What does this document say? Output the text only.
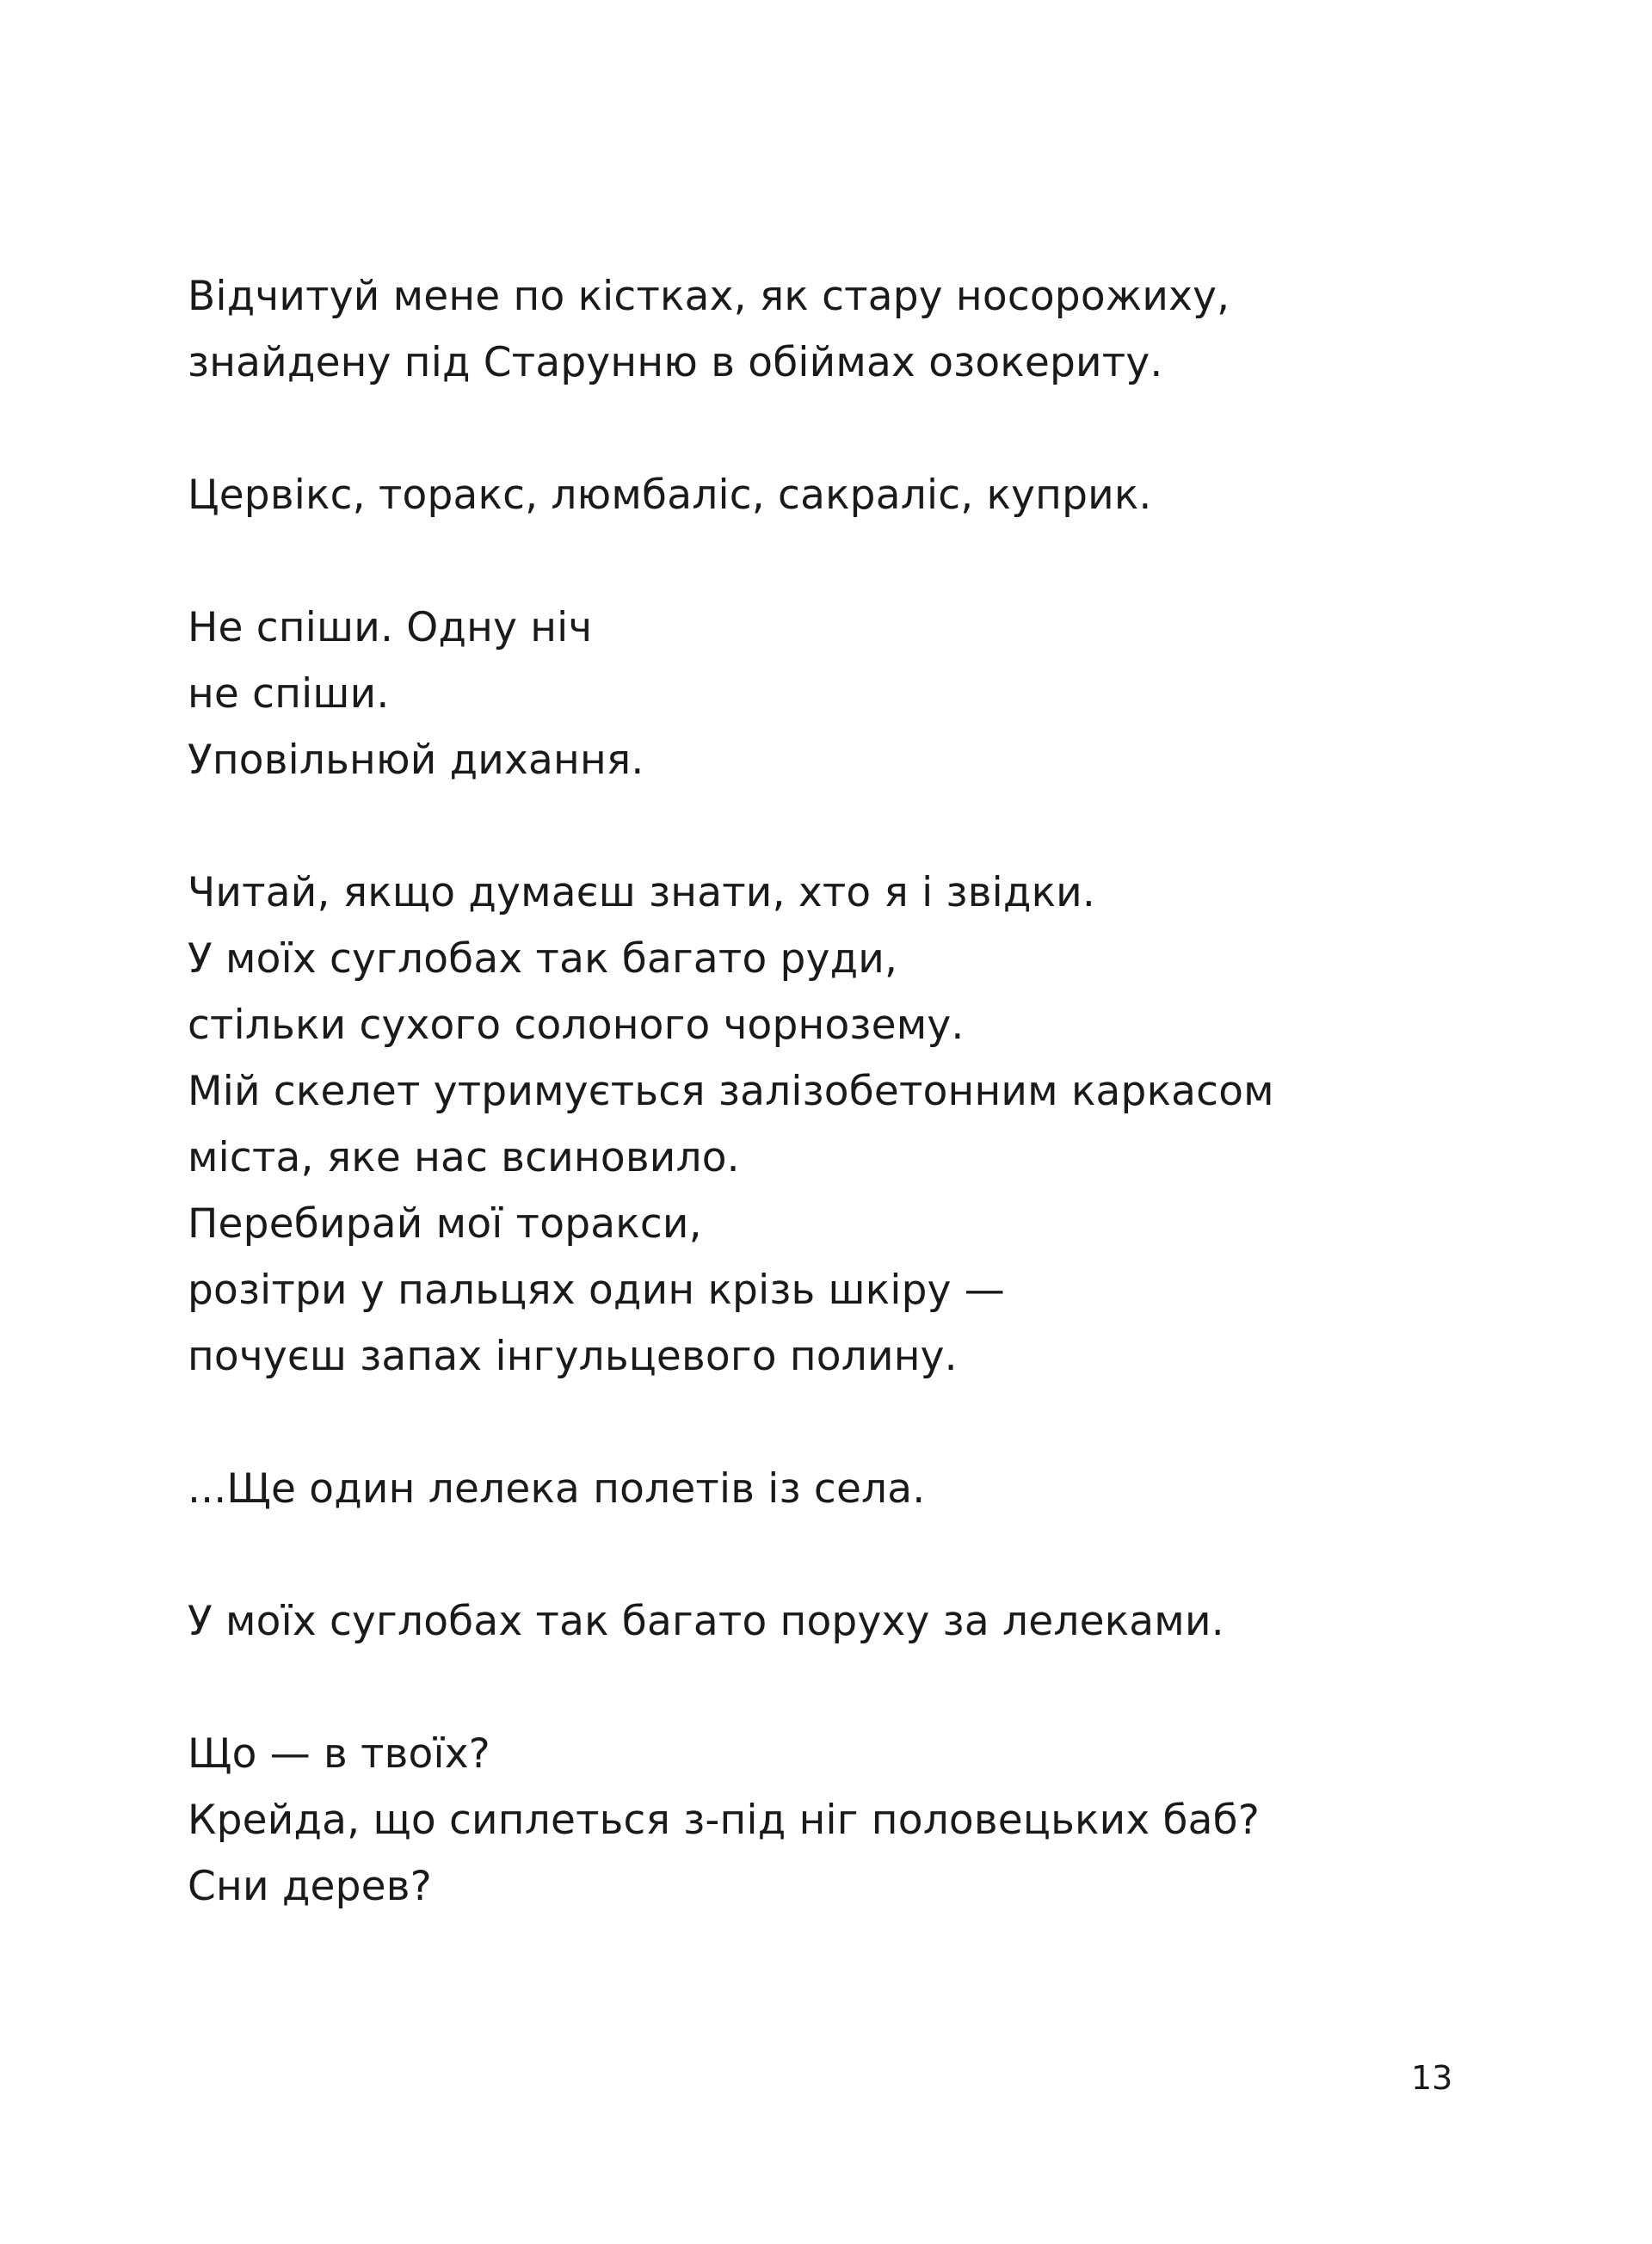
Відчитуй мене по кістках, як стару носорожиху,
знайдену під Старунню в обіймах озокериту.
Цервікс, торакс, люмбаліс, сакраліс, куприк.
Не спіши. Одну ніч
не спіши.
Уповільнюй дихання.
Читай, якщо думаєш знати, хто я і звідки.
У моїх суглобах так багато руди,
стільки сухого солоного чорнозему.
Мій скелет утримується залізобетонним каркасом
міста, яке нас всиновило.
Перебирай мої торакси,
розітри у пальцях один крізь шкіру —
почуєш запах інгульцевого полину.
...Ще один лелека полетів із села.
У моїх суглобах так багато поруху за лелеками.
Що — в твоїх?
Крейда, що сиплеться з-під ніг половецьких баб?
Сни дерев?
13
